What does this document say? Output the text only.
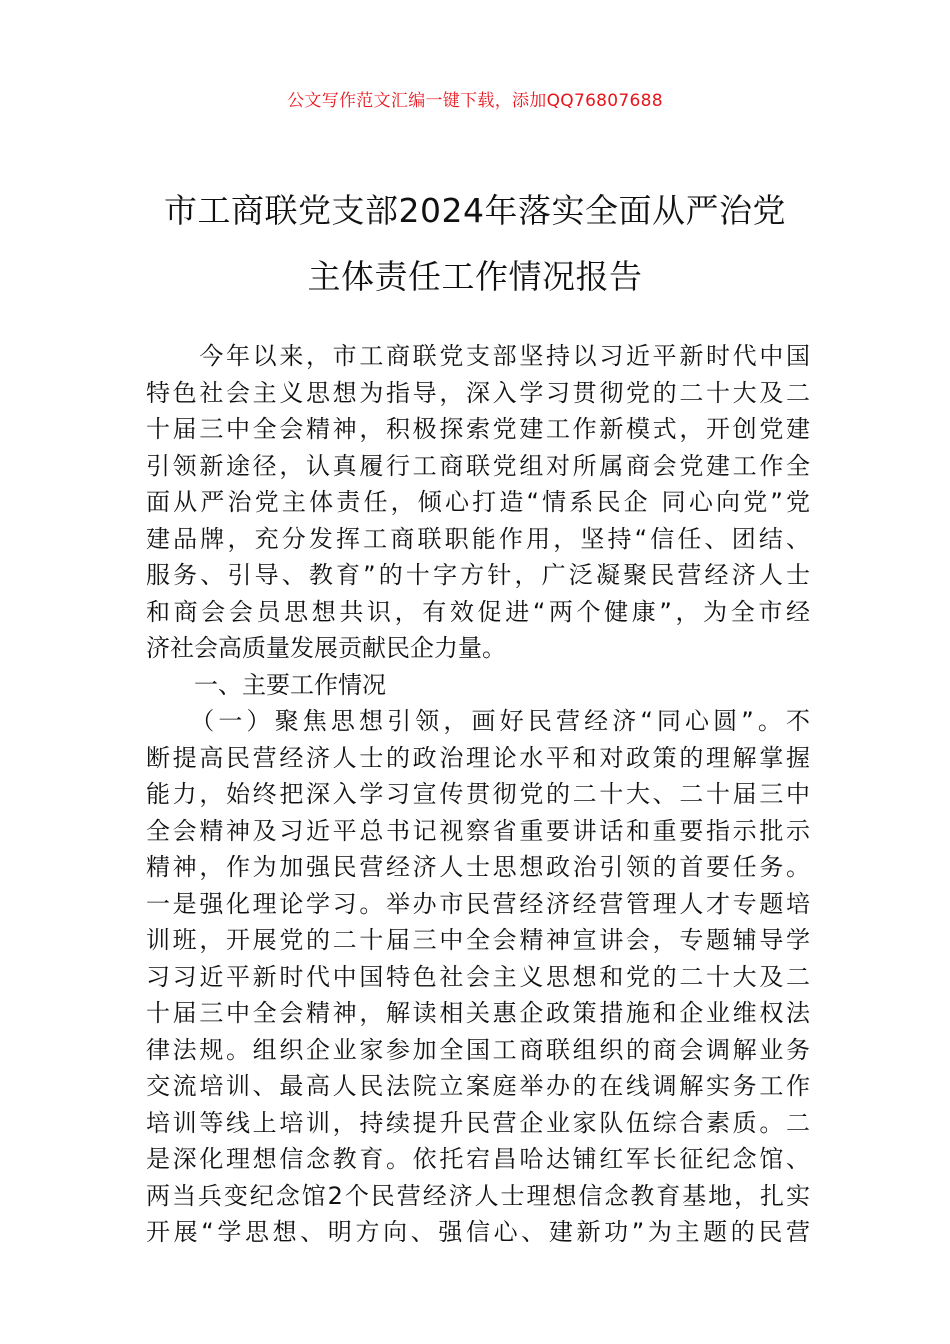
公文写作范文汇编一键下载，添加QQ76807688
市工商联党支部2024年落实全面从严治党
主体责任工作情况报告
　　今年以来，市工商联党支部坚持以习近平新时代中国
特色社会主义思想为指导，深入学习贯彻党的二十大及二
十届三中全会精神，积极探索党建工作新模式，开创党建
引领新途径，认真履行工商联党组对所属商会党建工作全
面从严治党主体责任，倾心打造“情系民企 同心向党”党
建品牌，充分发挥工商联职能作用，坚持“信任、团结、
服务、引导、教育”的十字方针，广泛凝聚民营经济人士
和商会会员思想共识，有效促进“两个健康”，为全市经
济社会高质量发展贡献民企力量。
　　一、主要工作情况
　　（一）聚焦思想引领，画好民营经济“同心圆”。不
断提高民营经济人士的政治理论水平和对政策的理解掌握
能力，始终把深入学习宣传贯彻党的二十大、二十届三中
全会精神及习近平总书记视察省重要讲话和重要指示批示
精神，作为加强民营经济人士思想政治引领的首要任务。
一是强化理论学习。举办市民营经济经营管理人才专题培
训班，开展党的二十届三中全会精神宣讲会，专题辅导学
习习近平新时代中国特色社会主义思想和党的二十大及二
十届三中全会精神，解读相关惠企政策措施和企业维权法
律法规。组织企业家参加全国工商联组织的商会调解业务
交流培训、最高人民法院立案庭举办的在线调解实务工作
培训等线上培训，持续提升民营企业家队伍综合素质。二
是深化理想信念教育。依托宕昌哈达铺红军长征纪念馆、
两当兵变纪念馆2个民营经济人士理想信念教育基地，扎实
开展“学思想、明方向、强信心、建新功”为主题的民营
